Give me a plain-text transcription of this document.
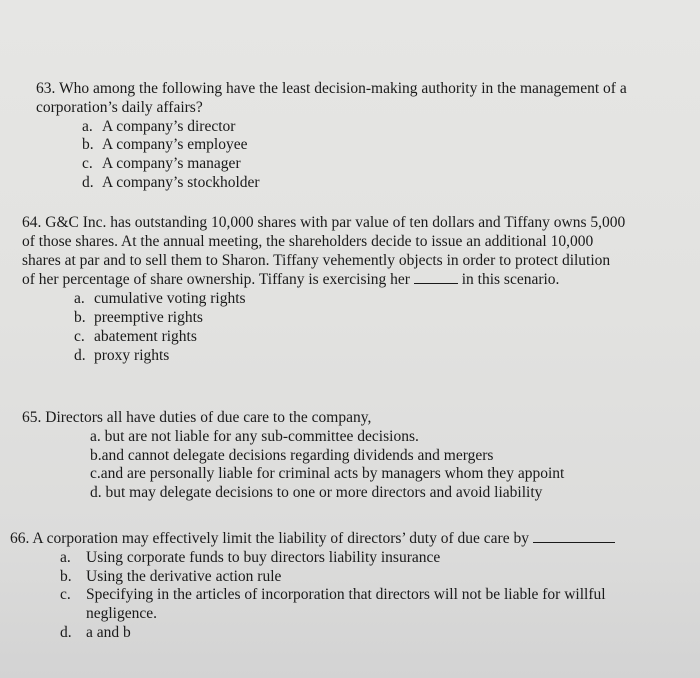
63. Who among the following have the least decision-making authority in the management of a
corporation’s daily affairs?
a. A company’s director
b. A company’s employee
c. A company’s manager
d. A company’s stockholder
64. G&C Inc. has outstanding 10,000 shares with par value of ten dollars and Tiffany owns 5,000
of those shares. At the annual meeting, the shareholders decide to issue an additional 10,000
shares at par and to sell them to Sharon. Tiffany vehemently objects in order to protect dilution
of her percentage of share ownership. Tiffany is exercising her	in this scenario.
a. cumulative voting rights
b. preemptive rights
c. abatement rights
d. proxy rights
65. Directors all have duties of due care to the company,
a. but are not liable for any sub-committee decisions.
b.and cannot delegate decisions regarding dividends and mergers
c.and are personally liable for criminal acts by managers whom they appoint
d. but may delegate decisions to one or more directors and avoid liability
66. A corporation may effectively limit the liability of directors’ duty of due care by
a. Using corporate funds to buy directors liability insurance
b. Using the derivative action rule
c. Specifying in the articles of incorporation that directors will not be liable for willful
negligence.
d. a and b
